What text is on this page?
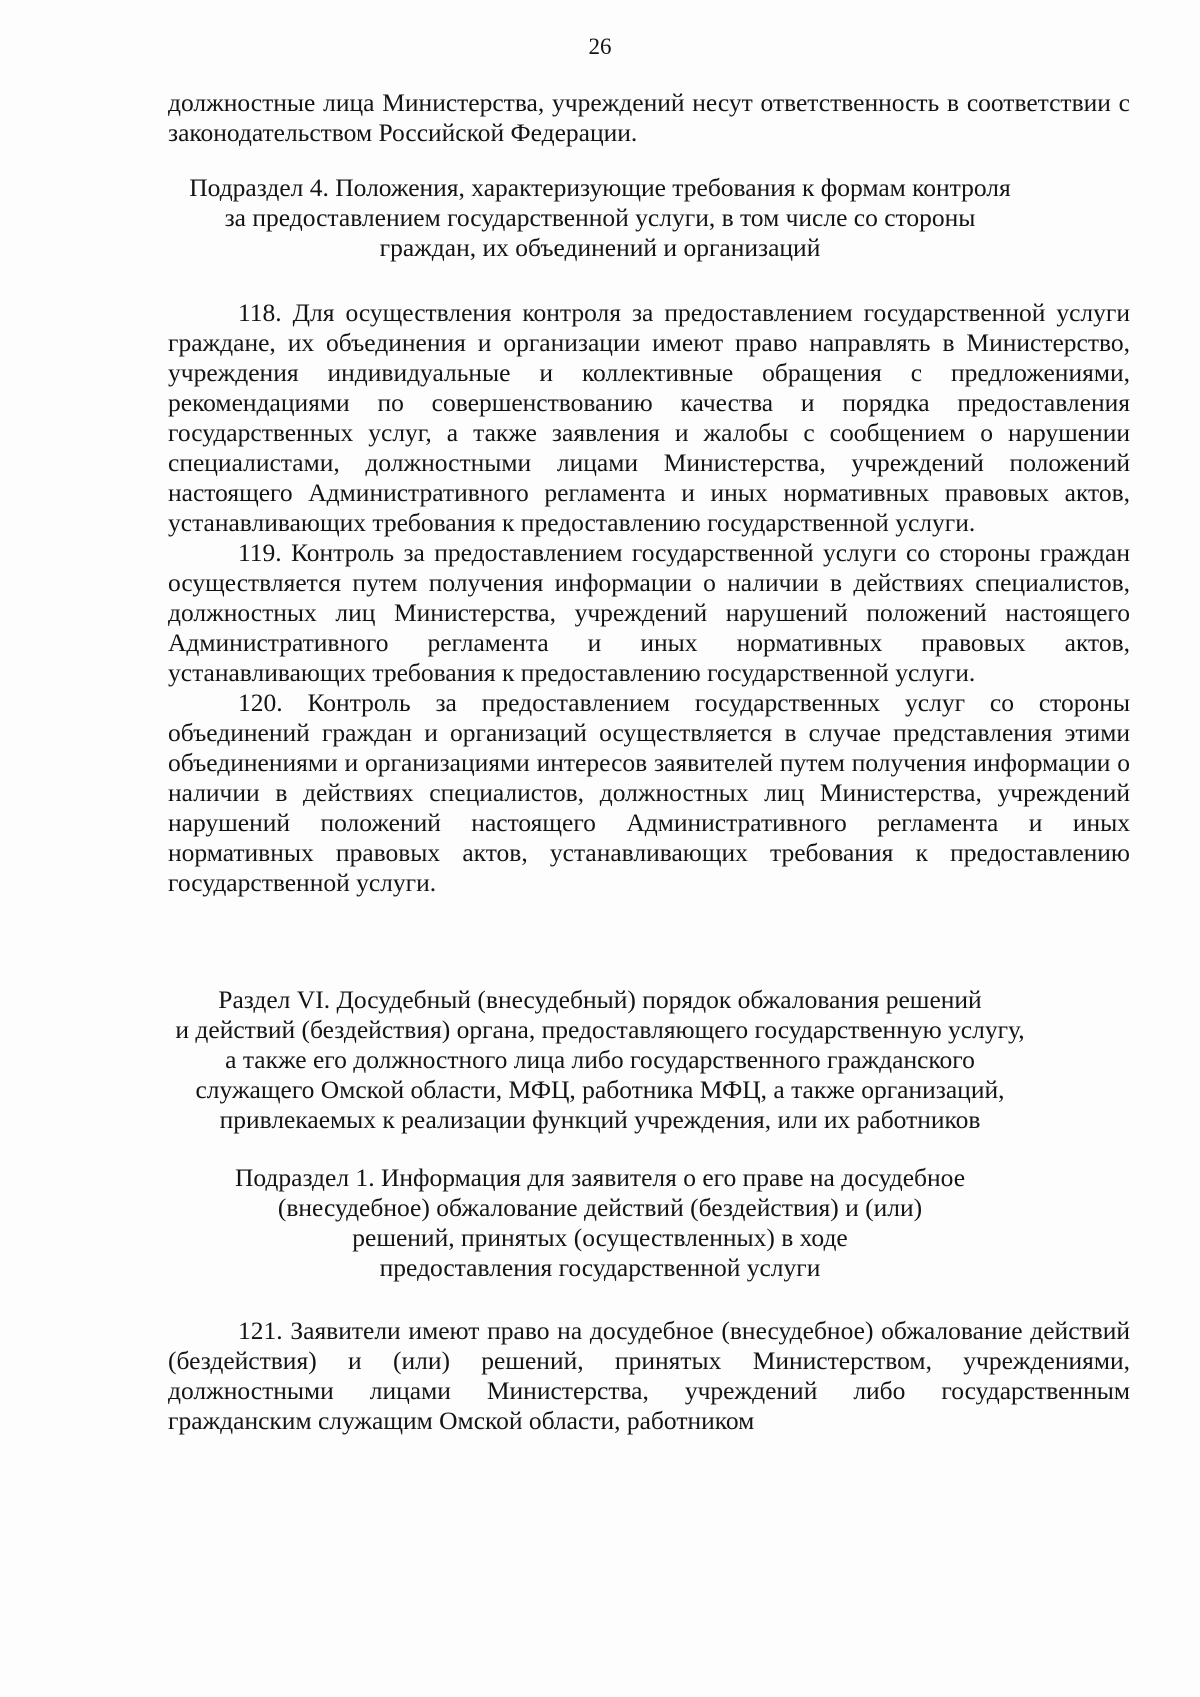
26

должностные лица Министерства, учреждений несут ответственность в соответствии с законодательством Российской Федерации.

Подраздел 4. Положения, характеризующие требования к формам контроля
за предоставлением государственной услуги, в том числе со стороны
граждан, их объединений и организаций

118. Для осуществления контроля за предоставлением государственной услуги граждане, их объединения и организации имеют право направлять в Министерство, учреждения индивидуальные и коллективные обращения с предложениями, рекомендациями по совершенствованию качества и порядка предоставления государственных услуг, а также заявления и жалобы с сообщением о нарушении специалистами, должностными лицами Министерства, учреждений положений настоящего Административного регламента и иных нормативных правовых актов, устанавливающих требования к предоставлению государственной услуги.

119. Контроль за предоставлением государственной услуги со стороны граждан осуществляется путем получения информации о наличии в действиях специалистов, должностных лиц Министерства, учреждений нарушений положений настоящего Административного регламента и иных нормативных правовых актов, устанавливающих требования к предоставлению государственной услуги.

120. Контроль за предоставлением государственных услуг со стороны объединений граждан и организаций осуществляется в случае представления этими объединениями и организациями интересов заявителей путем получения информации о наличии в действиях специалистов, должностных лиц Министерства, учреждений нарушений положений настоящего Административного регламента и иных нормативных правовых актов, устанавливающих требования к предоставлению государственной услуги.

Раздел VI. Досудебный (внесудебный) порядок обжалования решений
и действий (бездействия) органа, предоставляющего государственную услугу,
а также его должностного лица либо государственного гражданского
служащего Омской области, МФЦ, работника МФЦ, а также организаций,
привлекаемых к реализации функций учреждения, или их работников
Подраздел 1. Информация для заявителя о его праве на досудебное
(внесудебное) обжалование действий (бездействия) и (или)
решений, принятых (осуществленных) в ходе
предоставления государственной услуги

121. Заявители имеют право на досудебное (внесудебное) обжалование действий (бездействия) и (или) решений, принятых Министерством, учреждениями, должностными лицами Министерства, учреждений либо государственным гражданским служащим Омской области, работником
